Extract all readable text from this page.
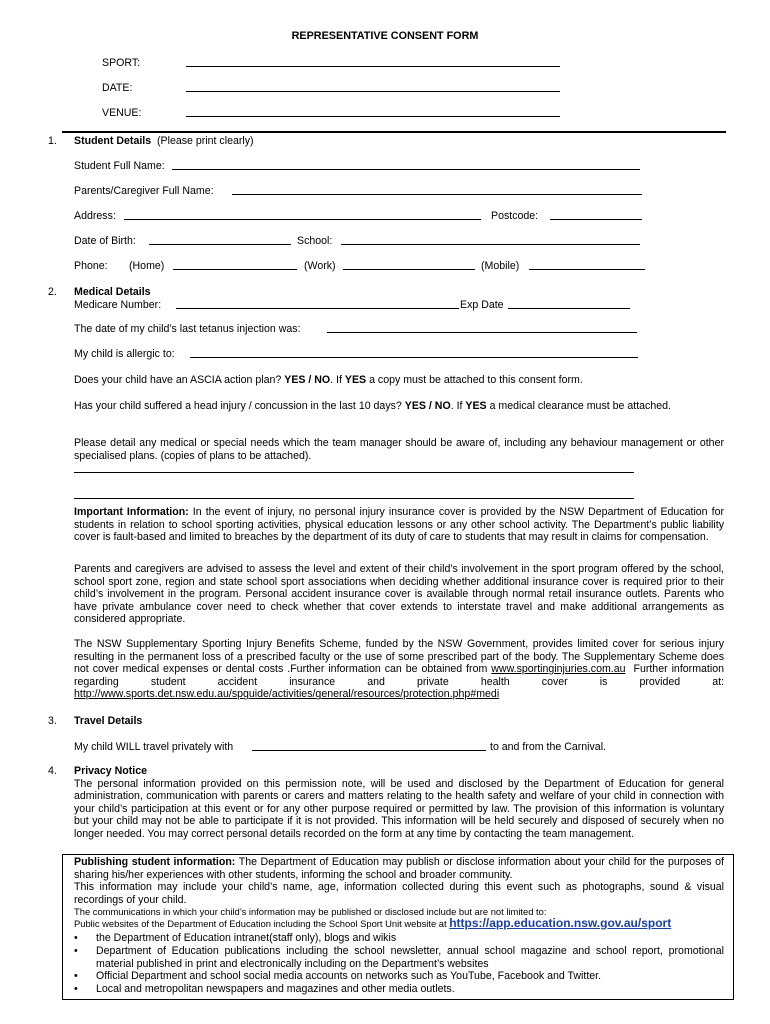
REPRESENTATIVE CONSENT FORM
SPORT:
DATE:
VENUE:
1. Student Details (Please print clearly)
Student Full Name:
Parents/Caregiver Full Name:
Address:	Postcode:
Date of Birth:	School:
Phone: (Home)	(Work)	(Mobile)
2. Medical Details
Medicare Number:	Exp Date
The date of my child’s last tetanus injection was:
My child is allergic to:
Does your child have an ASCIA action plan? YES / NO. If YES a copy must be attached to this consent form.
Has your child suffered a head injury / concussion in the last 10 days? YES / NO. If YES a medical clearance must be attached.
Please detail any medical or special needs which the team manager should be aware of, including any behaviour management or other specialised plans. (copies of plans to be attached).
Important Information: In the event of injury, no personal injury insurance cover is provided by the NSW Department of Education for students in relation to school sporting activities, physical education lessons or any other school activity. The Department’s public liability cover is fault-based and limited to breaches by the department of its duty of care to students that may result in claims for compensation.
Parents and caregivers are advised to assess the level and extent of their child’s involvement in the sport program offered by the school, school sport zone, region and state school sport associations when deciding whether additional insurance cover is required prior to their child’s involvement in the program. Personal accident insurance cover is available through normal retail insurance outlets. Parents who have private ambulance cover need to check whether that cover extends to interstate travel and make additional arrangements as considered appropriate.
The NSW Supplementary Sporting Injury Benefits Scheme, funded by the NSW Government, provides limited cover for serious injury resulting in the permanent loss of a prescribed faculty or the use of some prescribed part of the body. The Supplementary Scheme does not cover medical expenses or dental costs .Further information can be obtained from www.sportinginjuries.com.au Further information regarding student accident insurance and private health cover is provided at: http://www.sports.det.nsw.edu.au/spguide/activities/general/resources/protection.php#medi
3. Travel Details
My child WILL travel privately with	to and from the Carnival.
4. Privacy Notice
The personal information provided on this permission note, will be used and disclosed by the Department of Education for general administration, communication with parents or carers and matters relating to the health safety and welfare of your child in connection with your child’s participation at this event or for any other purpose required or permitted by law. The provision of this information is voluntary but your child may not be able to participate if it is not provided. This information will be held securely and disposed of securely when no longer needed. You may correct personal details recorded on the form at any time by contacting the team management.
Publishing student information: The Department of Education may publish or disclose information about your child for the purposes of sharing his/her experiences with other students, informing the school and broader community.
This information may include your child’s name, age, information collected during this event such as photographs, sound & visual recordings of your child.
The communications in which your child’s information may be published or disclosed include but are not limited to:
Public websites of the Department of Education including the School Sport Unit website at https://app.education.nsw.gov.au/sport
• the Department of Education intranet(staff only), blogs and wikis
• Department of Education publications including the school newsletter, annual school magazine and school report, promotional material published in print and electronically including on the Department’s websites
• Official Department and school social media accounts on networks such as YouTube, Facebook and Twitter.
• Local and metropolitan newspapers and magazines and other media outlets.
